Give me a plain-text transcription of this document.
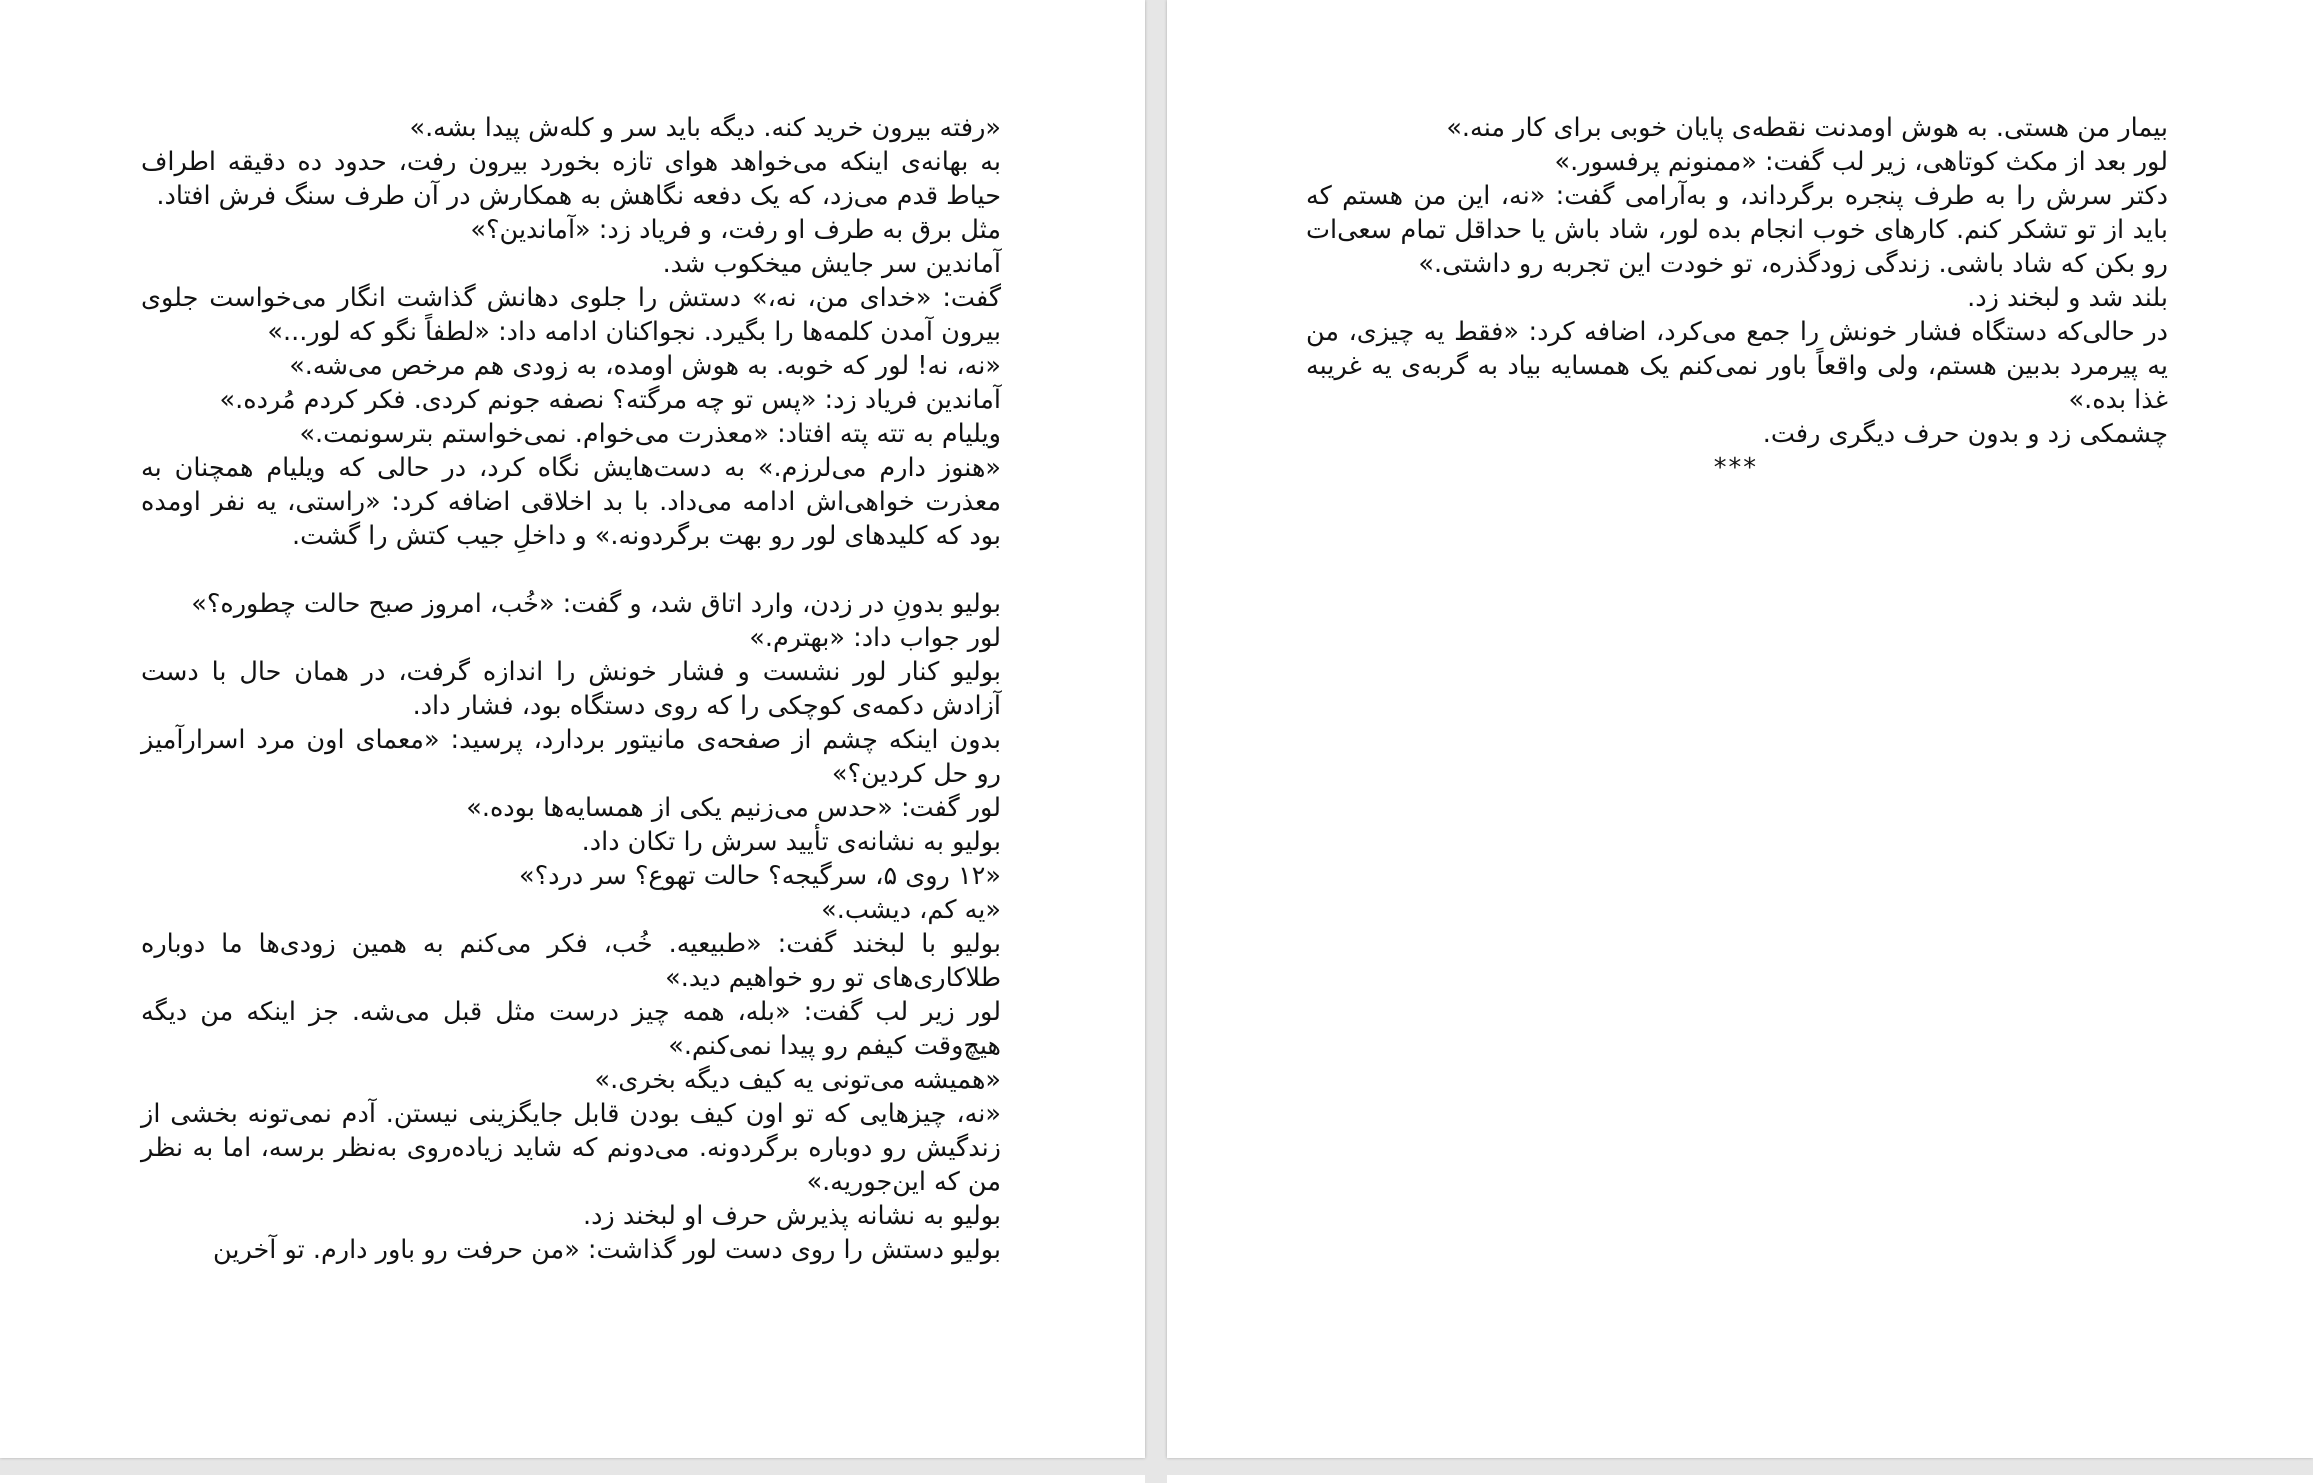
«رفته بیرون خرید کنه. دیگه باید سر و کله‌ش پیدا بشه.»

به بهانه‌ی اینکه می‌خواهد هوای تازه بخورد بیرون رفت، حدود ده دقیقه اطراف حیاط قدم می‌زد، که یک دفعه نگاهش به همکارش در آن طرف سنگ فرش افتاد.

مثل برق به طرف او رفت، و فریاد زد: «آماندین؟»

آماندین سر جایش میخکوب شد.

گفت: «خدای من، نه،» دستش را جلوی دهانش گذاشت انگار می‌خواست جلوی بیرون آمدن کلمه‌ها را بگیرد. نجواکنان ادامه داد: «لطفاً نگو که لور...»

«نه، نه! لور که خوبه. به هوش اومده، به زودی هم مرخص می‌شه.»

آماندین فریاد زد: «پس تو چه مرگته؟ نصفه جونم کردی. فکر کردم مُرده.»

ویلیام به تته پته افتاد: «معذرت می‌خوام. نمی‌خواستم بترسونمت.»

«هنوز دارم می‌لرزم.» به دست‌هایش نگاه کرد، در حالی که ویلیام همچنان به معذرت خواهی‌اش ادامه می‌داد. با بد اخلاقی اضافه کرد: «راستی، یه نفر اومده بود که کلیدهای لور رو بهت برگردونه.» و داخلِ جیب کتش را گشت.

بولیو بدونِ در زدن، وارد اتاق شد، و گفت: «خُب، امروز صبح حالت چطوره؟»

لور جواب داد: «بهترم.»

بولیو کنار لور نشست و فشار خونش را اندازه گرفت، در همان حال با دست آزادش دکمه‌ی کوچکی را که روی دستگاه بود، فشار داد.

بدون اینکه چشم از صفحه‌ی مانیتور بردارد، پرسید: «معمای اون مرد اسرارآمیز رو حل کردین؟»

لور گفت: «حدس می‌زنیم یکی از همسایه‌ها بوده.»

بولیو به نشانه‌ی تأیید سرش را تکان داد.

«۱۲ روی ۵، سرگیجه؟ حالت تهوع؟ سر درد؟»

«یه کم، دیشب.»

بولیو با لبخند گفت: «طبیعیه. خُب، فکر می‌کنم به همین زودی‌ها ما دوباره طلاکاری‌های تو رو خواهیم دید.»

لور زیر لب گفت: «بله، همه چیز درست مثل قبل می‌شه. جز اینکه من دیگه هیچ‌وقت کیفم رو پیدا نمی‌کنم.»

«همیشه می‌تونی یه کیف دیگه بخری.»

«نه، چیزهایی که تو اون کیف بودن قابل جایگزینی نیستن. آدم نمی‌تونه بخشی از زندگیش رو دوباره برگردونه. می‌دونم که شاید زیاده‌روی به‌نظر برسه، اما به نظر من که این‌جوریه.»

بولیو به نشانه پذیرش حرف او لبخند زد.

بولیو دستش را روی دست لور گذاشت: «من حرفت رو باور دارم. تو آخرین

بیمار من هستی. به هوش اومدنت نقطه‌ی پایان خوبی برای کار منه.»

لور بعد از مکث کوتاهی، زیر لب گفت: «ممنونم پرفسور.»

دکتر سرش را به طرف پنجره برگرداند، و به‌آرامی گفت: «نه، این من هستم که باید از تو تشکر کنم. کارهای خوب انجام بده لور، شاد باش یا حداقل تمام سعی‌ات رو بکن که شاد باشی. زندگی زودگذره، تو خودت این تجربه رو داشتی.»

بلند شد و لبخند زد.

در حالی‌که دستگاه فشار خونش را جمع می‌کرد، اضافه کرد: «فقط یه چیزی، من یه پیرمرد بدبین هستم، ولی واقعاً باور نمی‌کنم یک همسایه بیاد به گربه‌ی یه غریبه غذا بده.»

چشمکی زد و بدون حرف دیگری رفت.

***
